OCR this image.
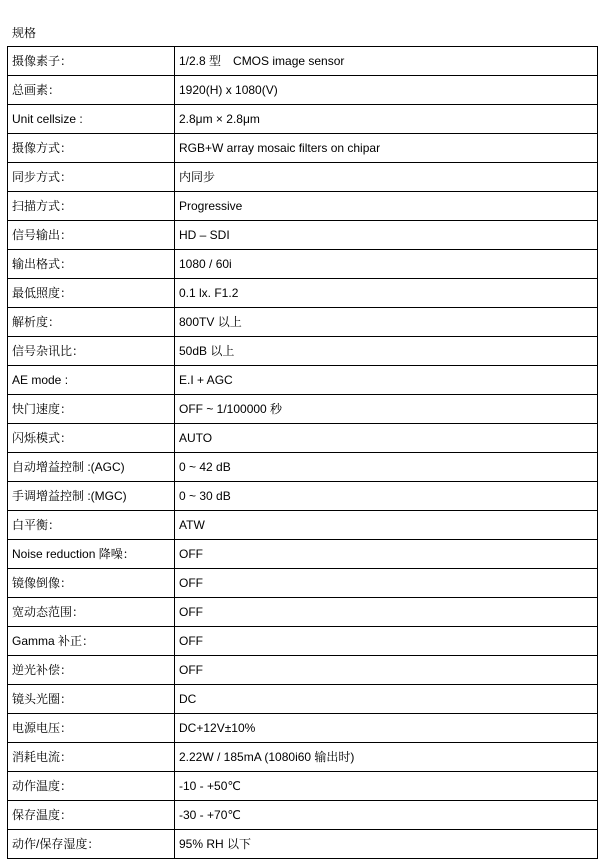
规格
摄像素子：	1/2.8 型　CMOS image sensor
总画素：	1920(H) x 1080(V)
Unit cellsize :	2.8μm × 2.8μm
摄像方式：	RGB+W array mosaic filters on chipar
同步方式：	内同步
扫描方式：	Progressive
信号输出：	HD – SDI
输出格式：	1080 / 60i
最低照度：	0.1 lx. F1.2
解析度：	800TV 以上
信号杂讯比：	50dB 以上
AE mode :	E.I + AGC
快门速度：	OFF ~ 1/100000 秒
闪烁模式：	AUTO
自动增益控制 :(AGC)	0 ~ 42 dB
手调增益控制 :(MGC)	0 ~ 30 dB
白平衡：	ATW
Noise reduction 降噪：	OFF
镜像倒像：	OFF
宽动态范围：	OFF
Gamma 补正：	OFF
逆光补偿：	OFF
镜头光圈：	DC
电源电压：	DC+12V±10%
消耗电流：	2.22W / 185mA (1080i60 输出时)
动作温度：	-10 - +50℃
保存温度：	-30 - +70℃
动作/保存湿度：	95% RH 以下
